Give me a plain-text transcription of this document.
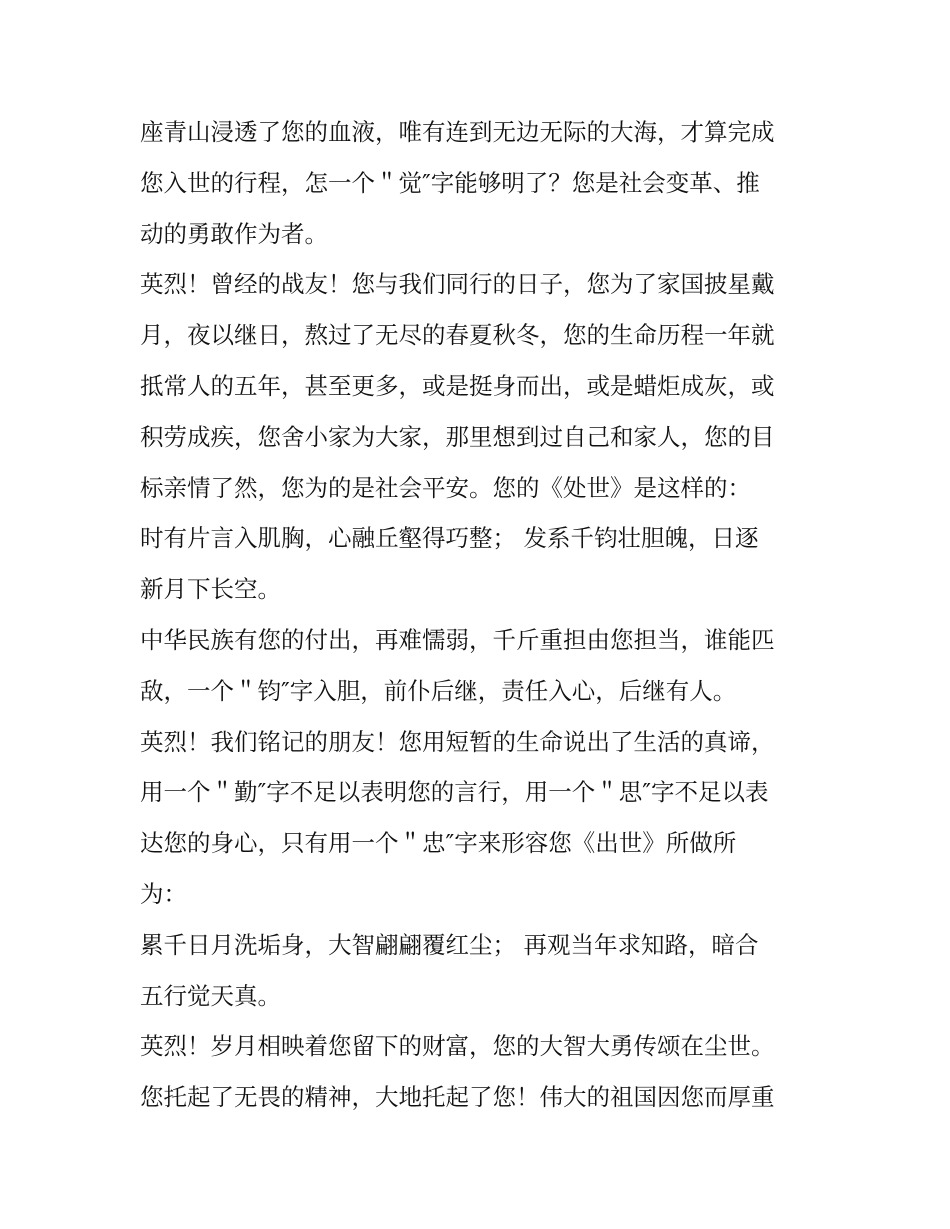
座青山浸透了您的血液，唯有连到无边无际的大海，才算完成
您入世的行程，怎一个＂觉″字能够明了？您是社会变革、推
动的勇敢作为者。
英烈！曾经的战友！您与我们同行的日子，您为了家国披星戴
月，夜以继日，熬过了无尽的春夏秋冬，您的生命历程一年就
抵常人的五年，甚至更多，或是挺身而出，或是蜡炬成灰，或
积劳成疾，您舍小家为大家，那里想到过自己和家人，您的目
标亲情了然，您为的是社会平安。您的《处世》是这样的：
时有片言入肌胸，心融丘壑得巧整； 发系千钧壮胆魄，日逐
新月下长空。
中华民族有您的付出，再难懦弱，千斤重担由您担当，谁能匹
敌，一个＂钧″字入胆，前仆后继，责任入心，后继有人。
英烈！我们铭记的朋友！您用短暂的生命说出了生活的真谛，
用一个＂勤″字不足以表明您的言行，用一个＂思″字不足以表
达您的身心，只有用一个＂忠″字来形容您《出世》所做所
为：
累千日月洗垢身，大智翩翩覆红尘； 再观当年求知路，暗合
五行觉天真。
英烈！岁月相映着您留下的财富，您的大智大勇传颂在尘世。
您托起了无畏的精神，大地托起了您！伟大的祖国因您而厚重
